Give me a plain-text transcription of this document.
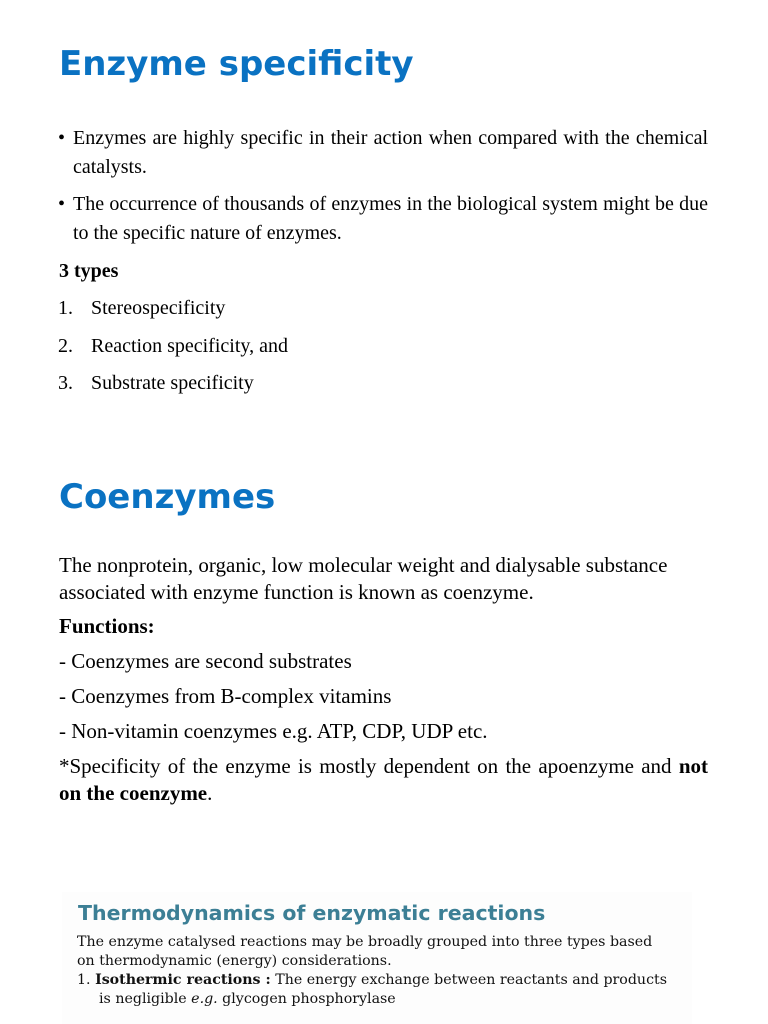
Enzyme specificity
• Enzymes are highly specific in their action when compared with the chemical catalysts.
• The occurrence of thousands of enzymes in the biological system might be due to the specific nature of enzymes.
3 types
1. Stereospecificity
2. Reaction specificity, and
3. Substrate specificity
Coenzymes

The nonprotein, organic, low molecular weight and dialysable substance associated with enzyme function is known as coenzyme.

Functions:

- Coenzymes are second substrates

- Coenzymes from B-complex vitamins

- Non-vitamin coenzymes e.g. ATP, CDP, UDP etc.

*Specificity of the enzyme is mostly dependent on the apoenzyme and not on the coenzyme.

Thermodynamics of enzymatic reactions
The enzyme catalysed reactions may be broadly grouped into three types based
on thermodynamic (energy) considerations.
1. Isothermic reactions : The energy exchange between reactants and products
is negligible e.g. glycogen phosphorylase
